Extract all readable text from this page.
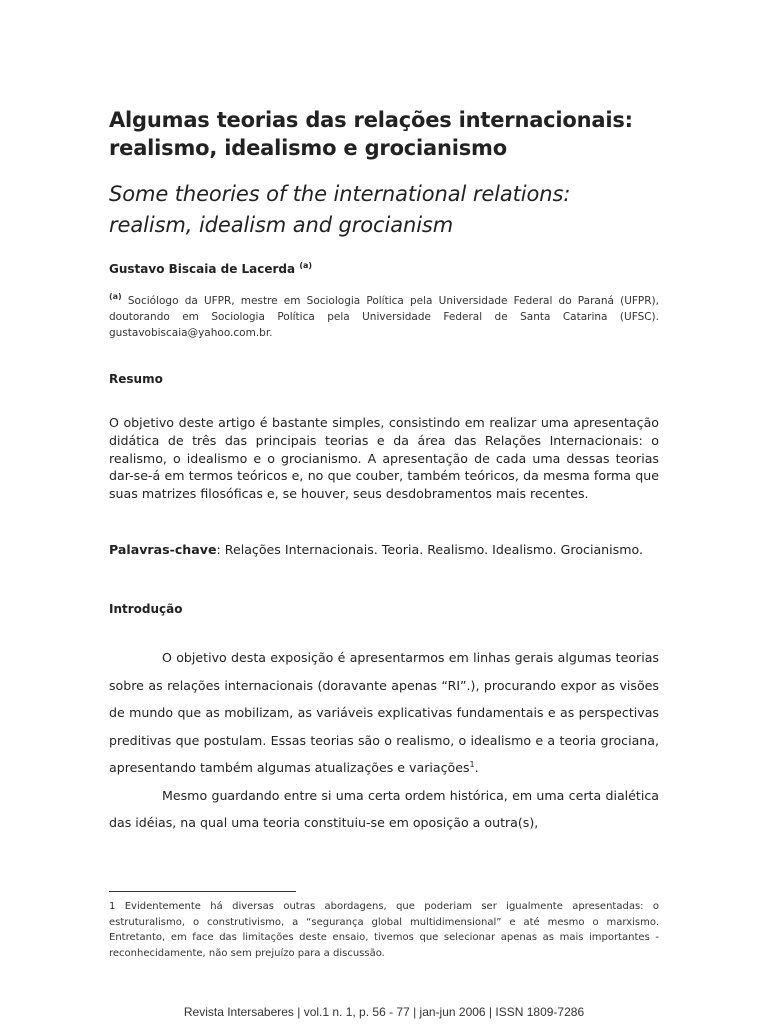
Algumas teorias das relações internacionais:
realismo, idealismo e grocianismo
Some theories of the international relations:
realism, idealism and grocianism
Gustavo Biscaia de Lacerda $^{(a)}$
$^{(a)}$ Sociólogo da UFPR, mestre em Sociologia Política pela Universidade Federal do Paraná (UFPR), doutorando em Sociologia Política pela Universidade Federal de Santa Catarina (UFSC). gustavobiscaia@yahoo.com.br.
Resumo
O objetivo deste artigo é bastante simples, consistindo em realizar uma apresentação didática de três das principais teorias e da área das Relações Internacionais: o realismo, o idealismo e o grocianismo. A apresentação de cada uma dessas teorias dar-se-á em termos teóricos e, no que couber, também teóricos, da mesma forma que suas matrizes filosóficas e, se houver, seus desdobramentos mais recentes.
Palavras-chave: Relações Internacionais. Teoria. Realismo. Idealismo. Grocianismo.
Introdução

O objetivo desta exposição é apresentarmos em linhas gerais algumas teorias sobre as relações internacionais (doravante apenas “RI”.), procurando expor as visões de mundo que as mobilizam, as variáveis explicativas fundamentais e as perspectivas preditivas que postulam. Essas teorias são o realismo, o idealismo e a teoria grociana, apresentando também algumas atualizações e variações$^1$.

Mesmo guardando entre si uma certa ordem histórica, em uma certa dialética das idéias, na qual uma teoria constituiu-se em oposição a outra(s),

1 Evidentemente há diversas outras abordagens, que poderiam ser igualmente apresentadas: o estruturalismo, o construtivismo, a “segurança global multidimensional” e até mesmo o marxismo. Entretanto, em face das limitações deste ensaio, tivemos que selecionar apenas as mais importantes - reconhecidamente, não sem prejuízo para a discussão.
Revista Intersaberes | vol.1 n. 1, p. 56 - 77 | jan-jun 2006 | ISSN 1809-7286
